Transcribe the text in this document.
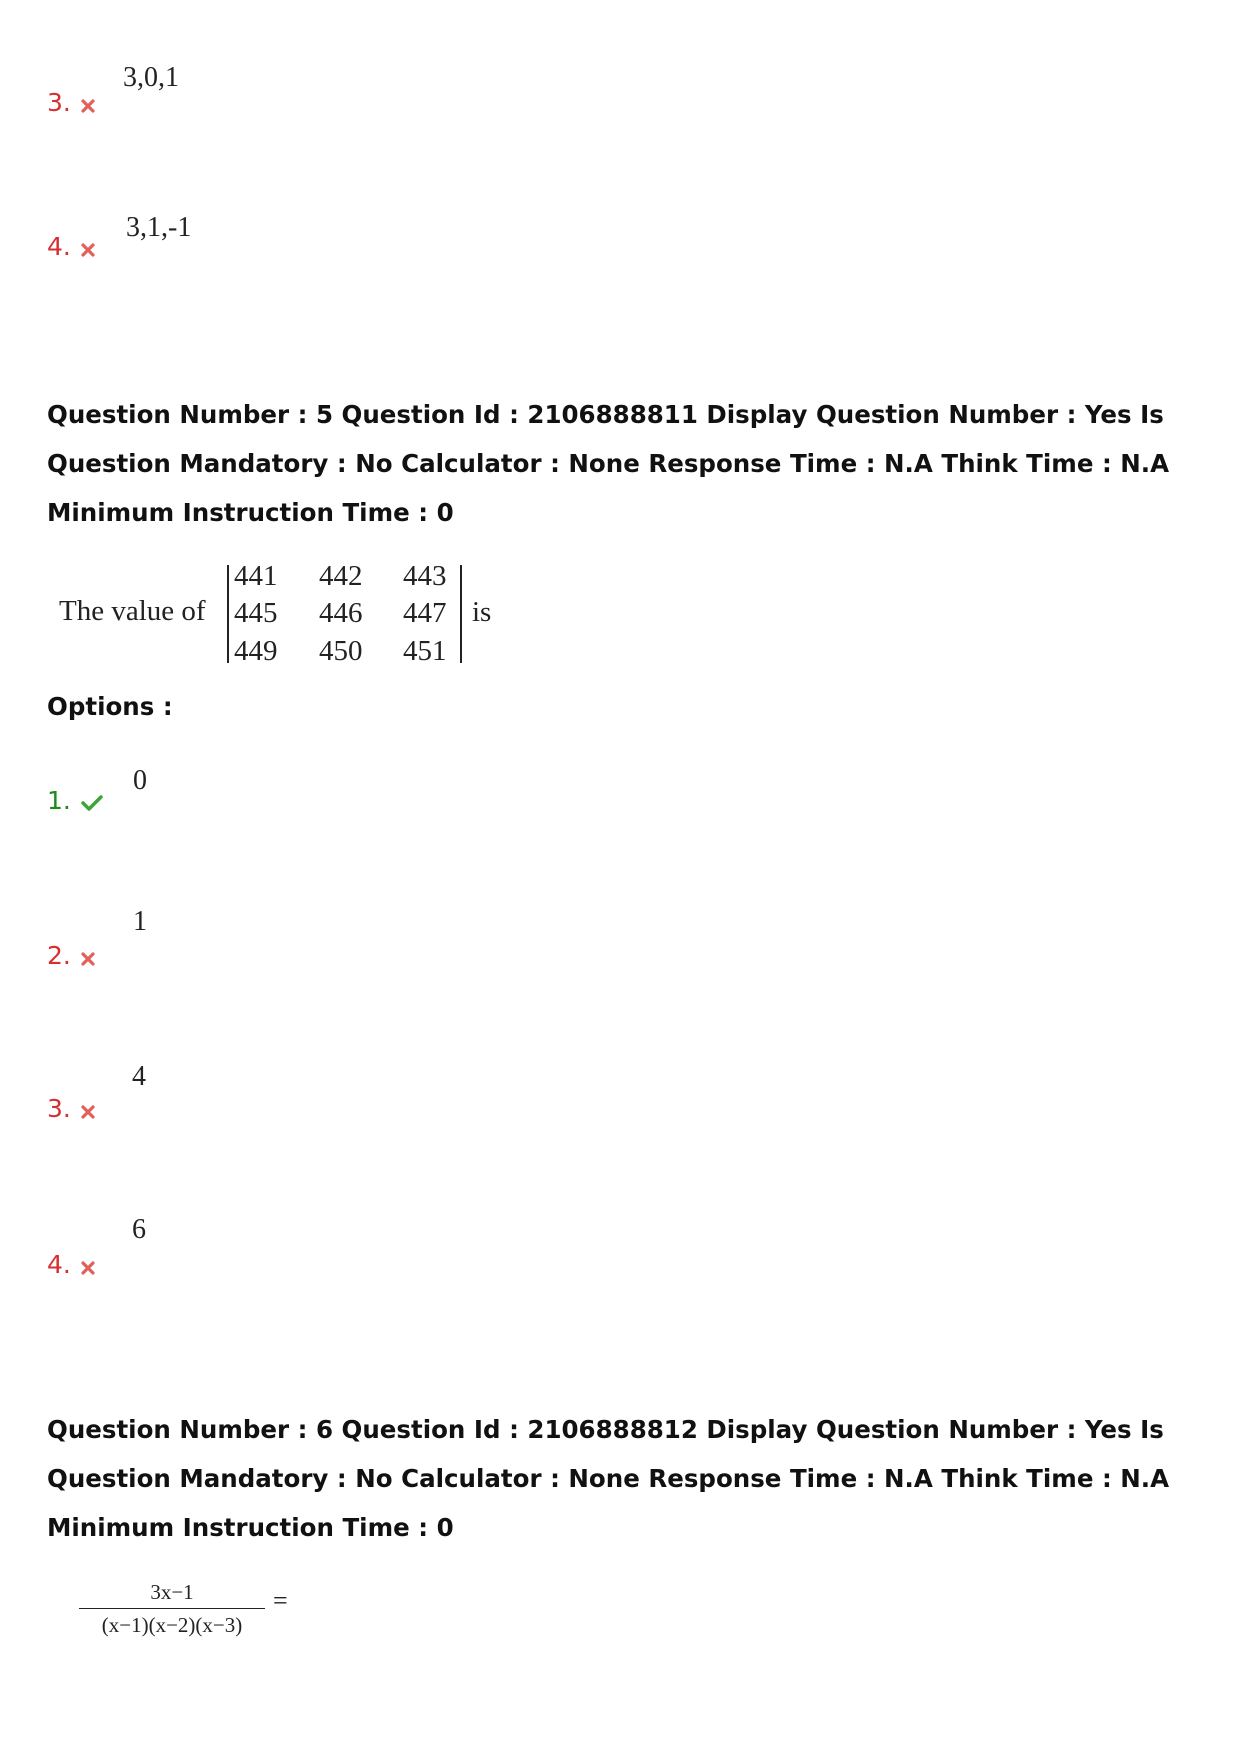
3.
3,0,1
4.
3,1,-1
Question Number : 5 Question Id : 2106888811 Display Question Number : Yes Is Question Mandatory : No Calculator : None Response Time : N.A Think Time : N.A Minimum Instruction Time : 0
The value of
441 442 443
445 446 447
449 450 451
is
Options :
1.
0
2.
1
3.
4
4.
6
Question Number : 6 Question Id : 2106888812 Display Question Number : Yes Is Question Mandatory : No Calculator : None Response Time : N.A Think Time : N.A Minimum Instruction Time : 0
3x−1
(x−1)(x−2)(x−3)
=
